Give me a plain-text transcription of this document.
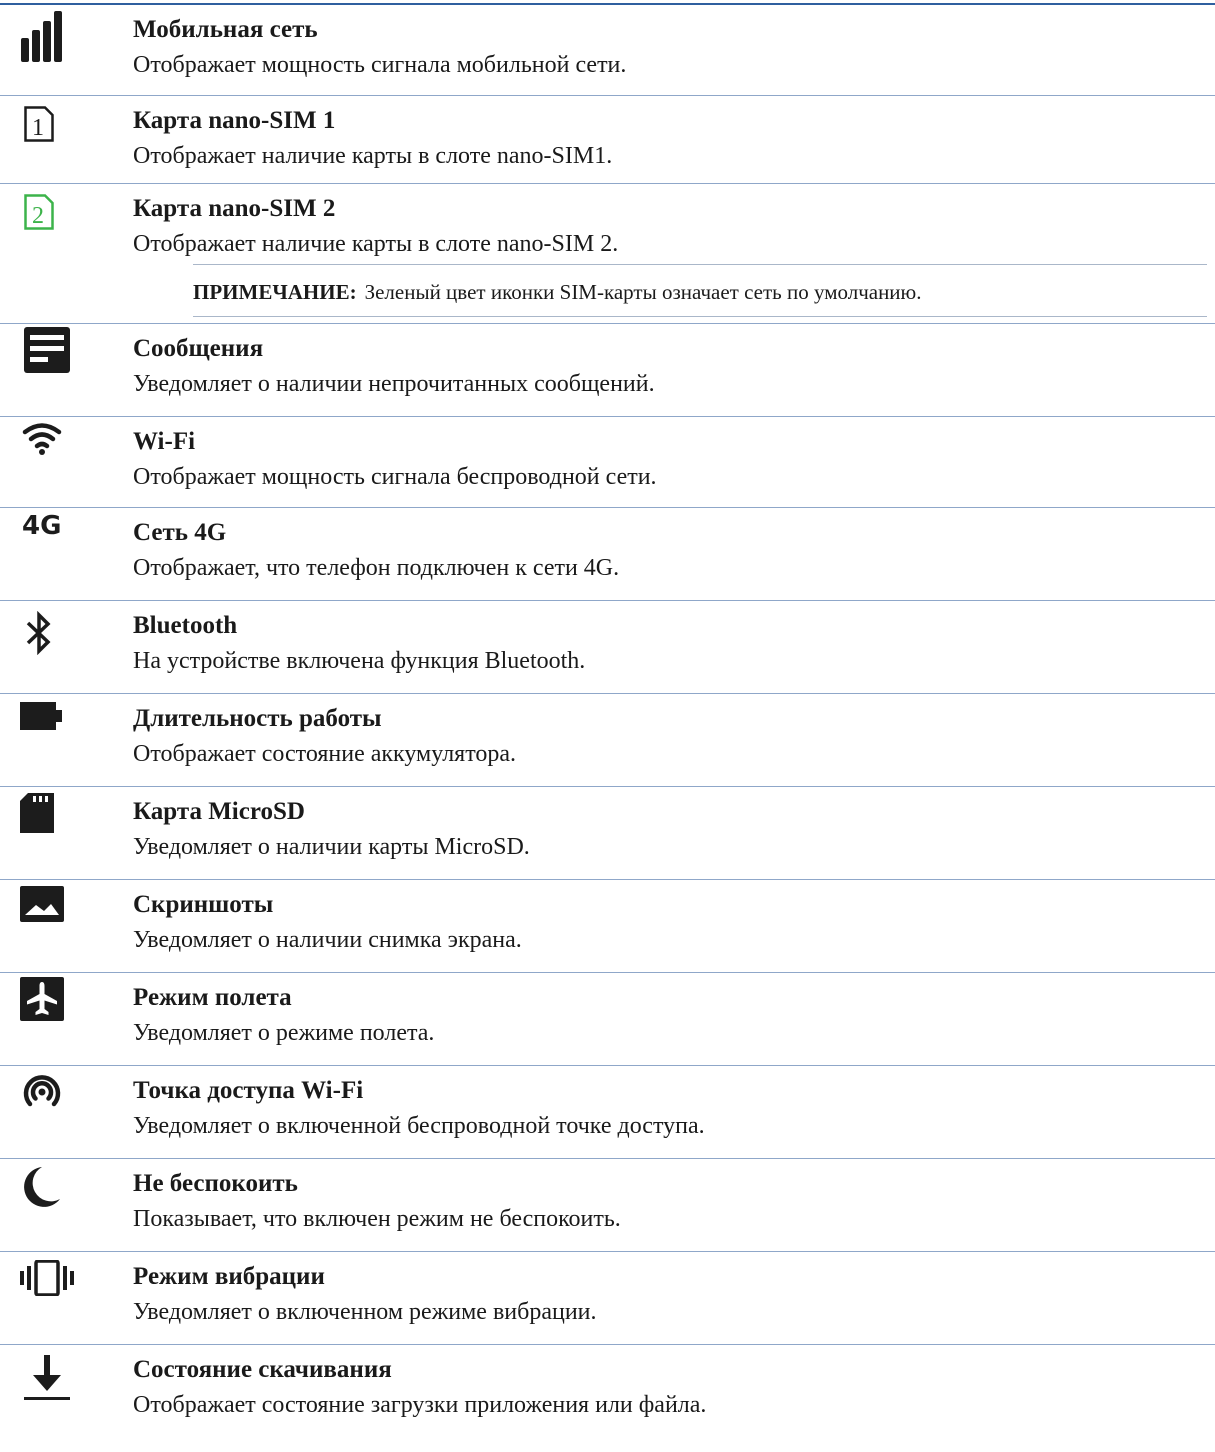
Мобильная сеть
Отображает мощность сигнала мобильной сети.
1	Карта nano-SIM 1
Отображает наличие карты в слоте nano-SIM1.
2	Карта nano-SIM 2
Отображает наличие карты в слоте nano-SIM 2.
ПРИМЕЧАНИЕ: Зеленый цвет иконки SIM-карты означает сеть по умолчанию.
Сообщения
Уведомляет о наличии непрочитанных сообщений.
Wi-Fi
Отображает мощность сигнала беспроводной сети.
4G	Сеть 4G
Отображает, что телефон подключен к сети 4G.
Bluetooth
На устройстве включена функция Bluetooth.
Длительность работы
Отображает состояние аккумулятора.
Карта MicroSD
Уведомляет о наличии карты MicroSD.
Скриншоты
Уведомляет о наличии снимка экрана.
Режим полета
Уведомляет о режиме полета.
Точка доступа Wi-Fi
Уведомляет о включенной беспроводной точке доступа.
Не беспокоить
Показывает, что включен режим не беспокоить.
Режим вибрации
Уведомляет о включенном режиме вибрации.
Состояние скачивания
Отображает состояние загрузки приложения или файла.
